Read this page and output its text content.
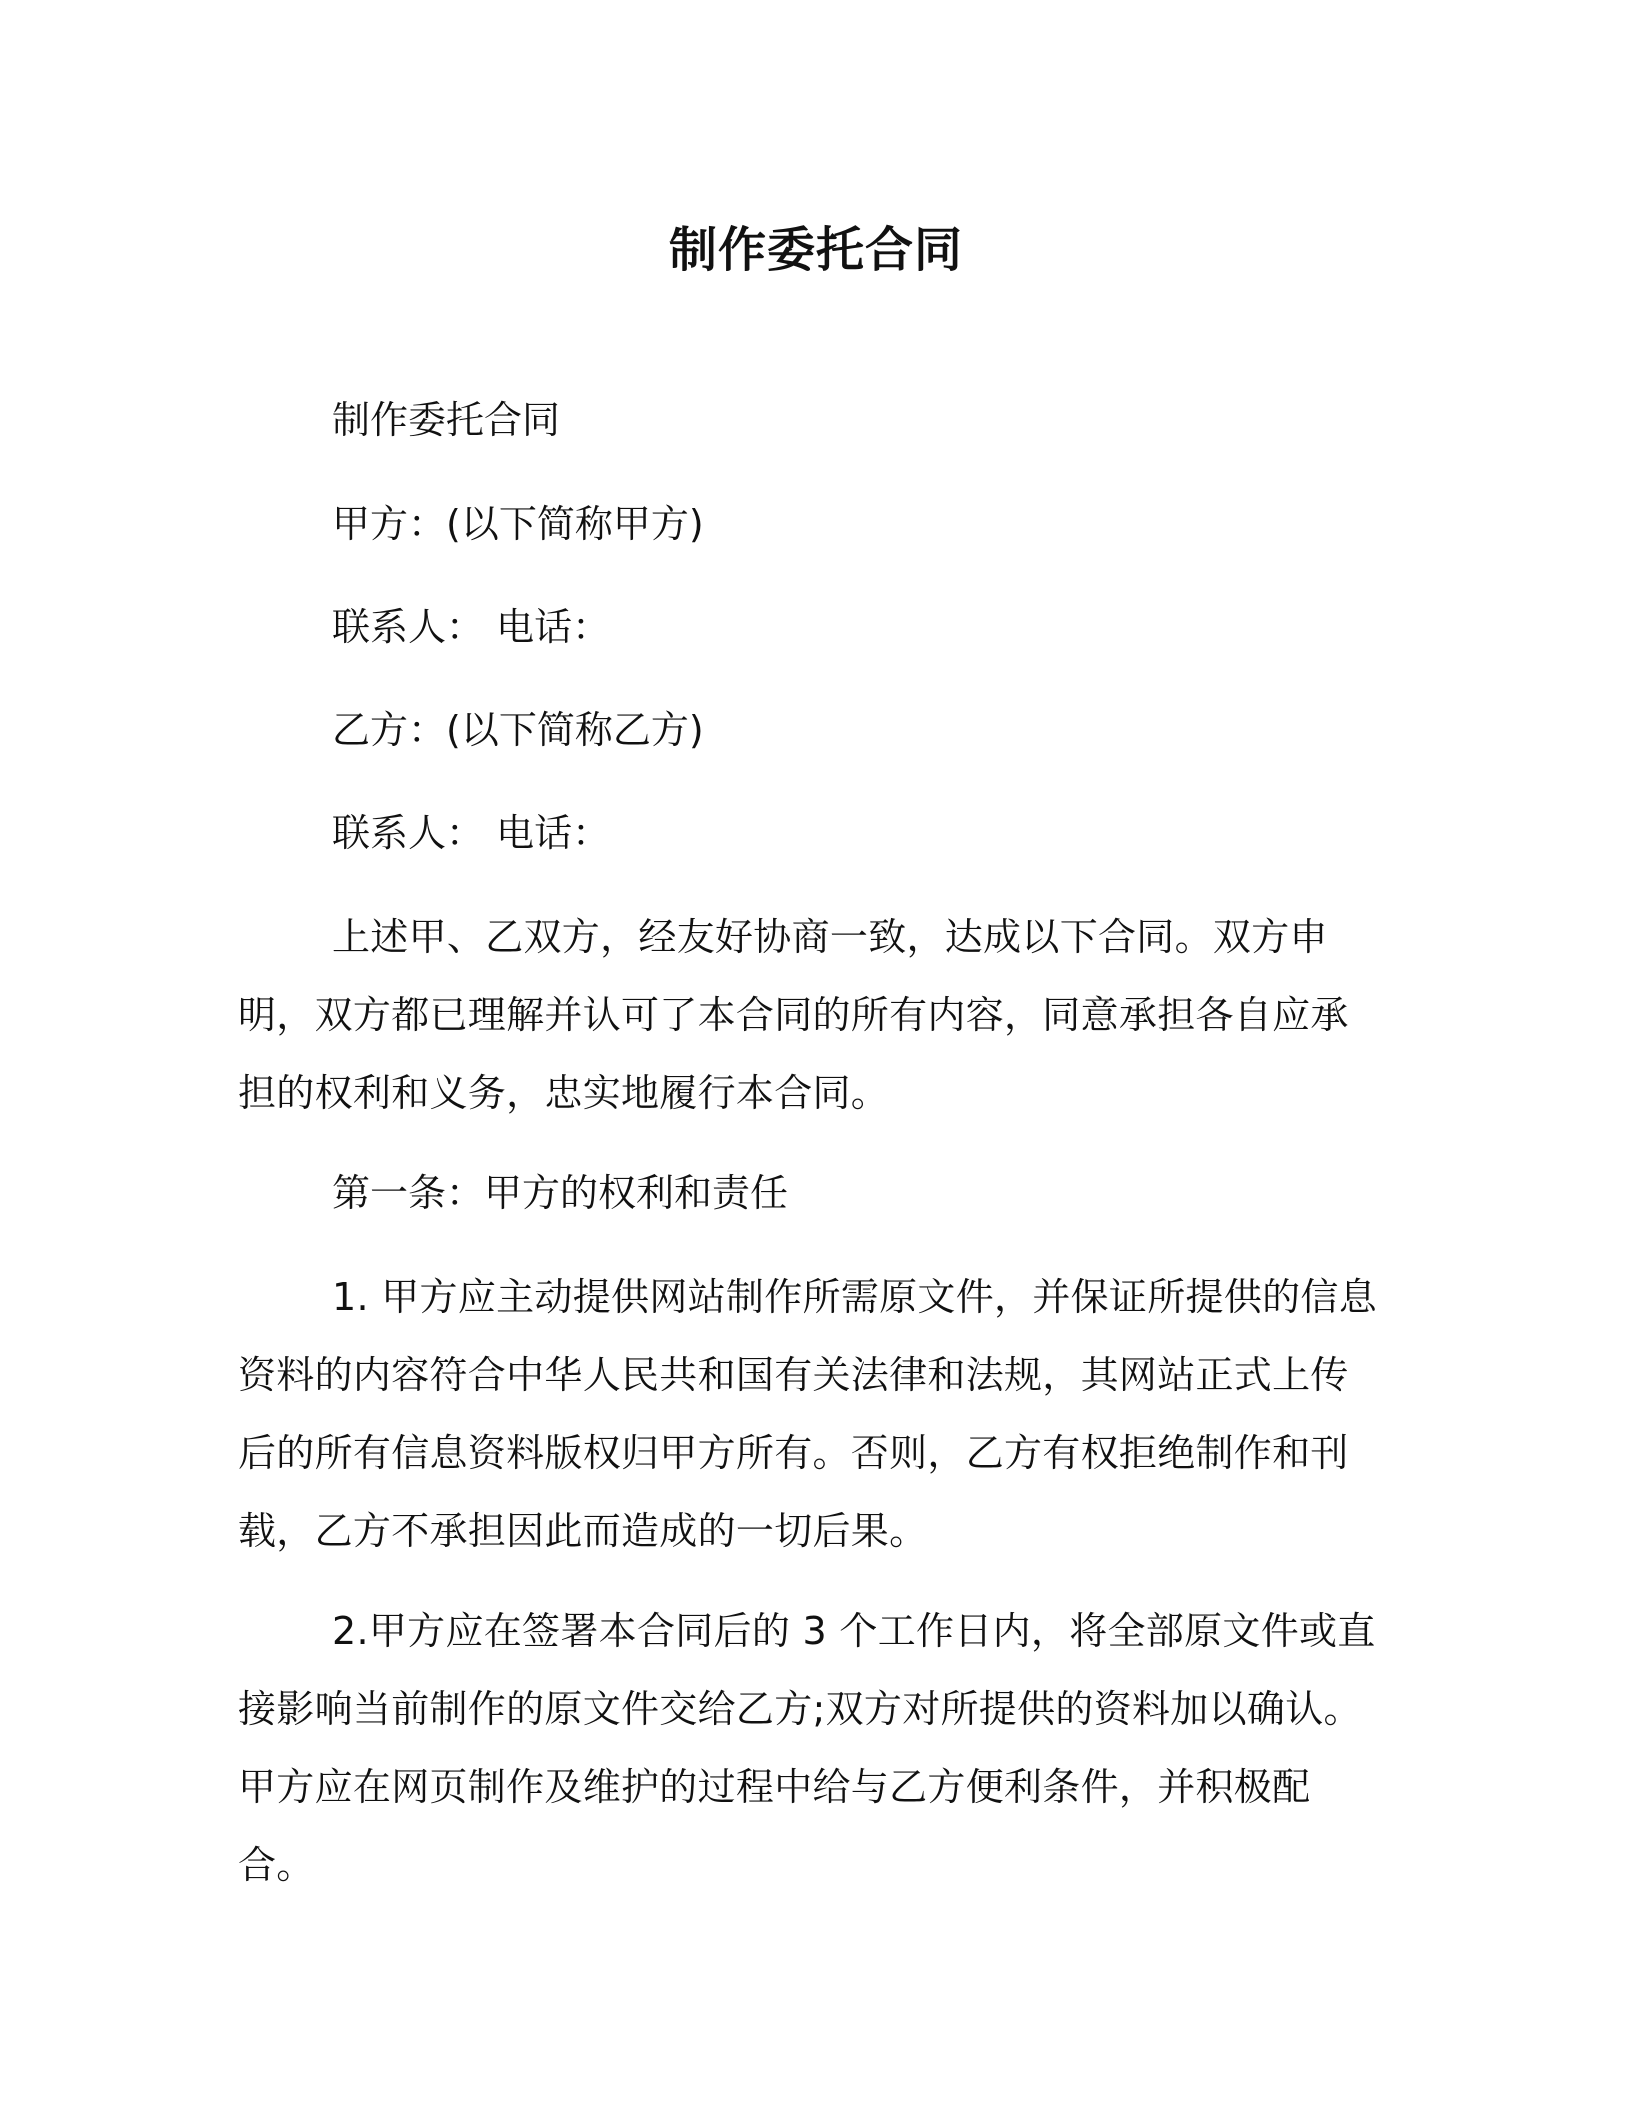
制作委托合同
制作委托合同
甲方：(以下简称甲方)
联系人： 电话：
乙方：(以下简称乙方)
联系人： 电话：
上述甲、乙双方，经友好协商一致，达成以下合同。双方申明，双方都已理解并认可了本合同的所有内容，同意承担各自应承担的权利和义务，忠实地履行本合同。
第一条：甲方的权利和责任
1. 甲方应主动提供网站制作所需原文件，并保证所提供的信息资料的内容符合中华人民共和国有关法律和法规，其网站正式上传后的所有信息资料版权归甲方所有。否则，乙方有权拒绝制作和刊载，乙方不承担因此而造成的一切后果。
2.甲方应在签署本合同后的 3 个工作日内，将全部原文件或直接影响当前制作的原文件交给乙方;双方对所提供的资料加以确认。甲方应在网页制作及维护的过程中给与乙方便利条件，并积极配合。
